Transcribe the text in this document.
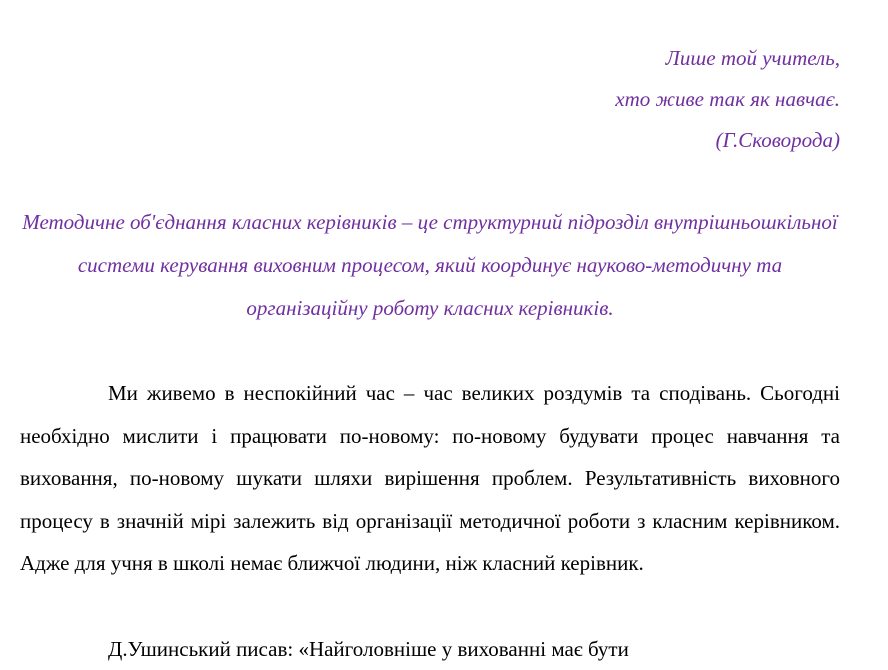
Лише той учитель,
хто живе так як навчає.
(Г.Сковорода)
Методичне об'єднання класних керівників – це структурний підрозділ внутрішньошкільної системи керування виховним процесом, який координує науково-методичну та організаційну роботу класних керівників.

Ми живемо в неспокійний час – час великих роздумів та сподівань. Сьогодні необхідно мислити і працювати по-новому: по-новому будувати процес навчання та виховання, по-новому шукати шляхи вирішення проблем. Результативність виховного процесу в значній мірі залежить від організації методичної роботи з класним керівником. Адже для учня в школі немає ближчої людини, ніж класний керівник.

Д.Ушинський писав: «Найголовніше у вихованні має бути
